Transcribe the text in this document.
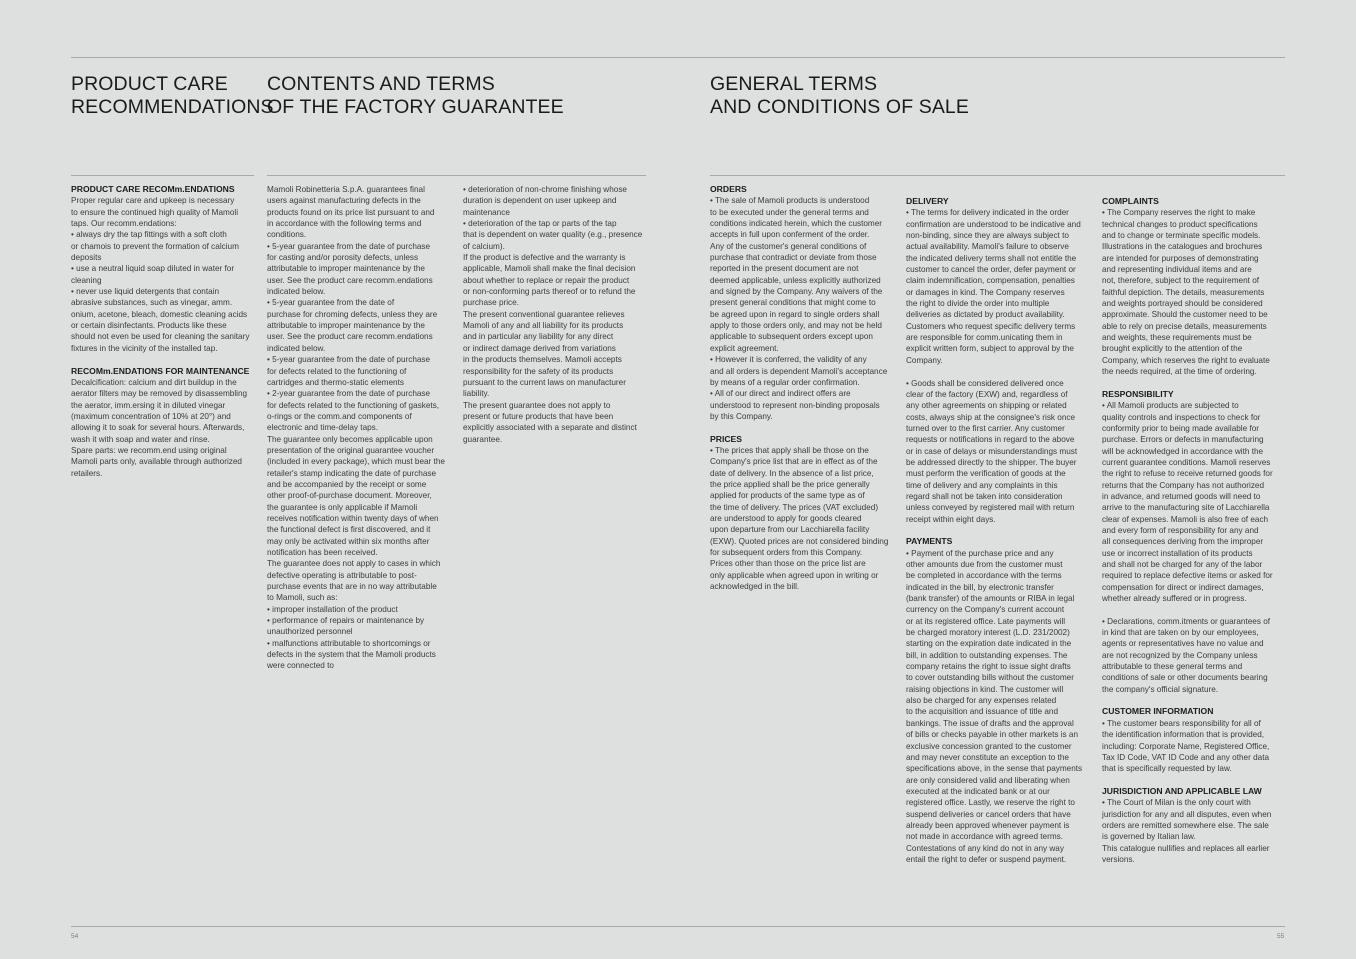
PRODUCT CARE
RECOMMENDATIONS
CONTENTS AND TERMS
OF THE FACTORY GUARANTEE
GENERAL TERMS
AND CONDITIONS OF SALE
PRODUCT CARE RECOMm.ENDATIONS

Proper regular care and upkeep is necessary

to ensure the continued high quality of Mamoli

taps. Our recomm.endations:

• always dry the tap fittings with a soft cloth

or chamois to prevent the formation of calcium

deposits

• use a neutral liquid soap diluted in water for

cleaning

• never use liquid detergents that contain

abrasive substances, such as vinegar, amm.

onium, acetone, bleach, domestic cleaning acids

or certain disinfectants. Products like these

should not even be used for cleaning the sanitary

fixtures in the vicinity of the installed tap.

RECOMm.ENDATIONS FOR MAINTENANCE

Decalcification: calcium and dirt buildup in the

aerator filters may be removed by disassembling

the aerator, imm.ersing it in diluted vinegar

(maximum concentration of 10% at 20°) and

allowing it to soak for several hours. Afterwards,

wash it with soap and water and rinse.

Spare parts: we recomm.end using original

Mamoli parts only, available through authorized

retailers.

Mamoli Robinetteria S.p.A. guarantees final

users against manufacturing defects in the

products found on its price list pursuant to and

in accordance with the following terms and

conditions.

• 5-year guarantee from the date of purchase

for casting and/or porosity defects, unless

attributable to improper maintenance by the

user. See the product care recomm.endations

indicated below.

• 5-year guarantee from the date of

purchase for chroming defects, unless they are

attributable to improper maintenance by the

user. See the product care recomm.endations

indicated below.

• 5-year guarantee from the date of purchase

for defects related to the functioning of

cartridges and thermo-static elements

• 2-year guarantee from the date of purchase

for defects related to the functioning of gaskets,

o-rings or the comm.and components of

electronic and time-delay taps.

The guarantee only becomes applicable upon

presentation of the original guarantee voucher

(included in every package), which must bear the

retailer's stamp indicating the date of purchase

and be accompanied by the receipt or some

other proof-of-purchase document. Moreover,

the guarantee is only applicable if Mamoli

receives notification within twenty days of when

the functional defect is first discovered, and it

may only be activated within six months after

notification has been received.

The guarantee does not apply to cases in which

defective operating is attributable to post-

purchase events that are in no way attributable

to Mamoli, such as:

• improper installation of the product

• performance of repairs or maintenance by

unauthorized personnel

• malfunctions attributable to shortcomings or

defects in the system that the Mamoli products

were connected to

• deterioration of non-chrome finishing whose

duration is dependent on user upkeep and

maintenance

• deterioration of the tap or parts of the tap

that is dependent on water quality (e.g., presence

of calcium).

If the product is defective and the warranty is

applicable, Mamoli shall make the final decision

about whether to replace or repair the product

or non-conforming parts thereof or to refund the

purchase price.

The present conventional guarantee relieves

Mamoli of any and all liability for its products

and in particular any liability for any direct

or indirect damage derived from variations

in the products themselves. Mamoli accepts

responsibility for the safety of its products

pursuant to the current laws on manufacturer

liability.

The present guarantee does not apply to

present or future products that have been

explicitly associated with a separate and distinct

guarantee.

ORDERS

• The sale of Mamoli products is understood

to be executed under the general terms and

conditions indicated herein, which the customer

accepts in full upon conferment of the order.

Any of the customer's general conditions of

purchase that contradict or deviate from those

reported in the present document are not

deemed applicable, unless explicitly authorized

and signed by the Company. Any waivers of the

present general conditions that might come to

be agreed upon in regard to single orders shall

apply to those orders only, and may not be held

applicable to subsequent orders except upon

explicit agreement.

• However it is conferred, the validity of any

and all orders is dependent Mamoli's acceptance

by means of a regular order confirmation.

• All of our direct and indirect offers are

understood to represent non-binding proposals

by this Company.

PRICES

• The prices that apply shall be those on the

Company's price list that are in effect as of the

date of delivery. In the absence of a list price,

the price applied shall be the price generally

applied for products of the same type as of

the time of delivery. The prices (VAT excluded)

are understood to apply for goods cleared

upon departure from our Lacchiarella facility

(EXW). Quoted prices are not considered binding

for subsequent orders from this Company.

Prices other than those on the price list are

only applicable when agreed upon in writing or

acknowledged in the bill.

DELIVERY

• The terms for delivery indicated in the order

confirmation are understood to be indicative and

non-binding, since they are always subject to

actual availability. Mamoli's failure to observe

the indicated delivery terms shall not entitle the

customer to cancel the order, defer payment or

claim indemnification, compensation, penalties

or damages in kind. The Company reserves

the right to divide the order into multiple

deliveries as dictated by product availability.

Customers who request specific delivery terms

are responsible for comm.unicating them in

explicit written form, subject to approval by the

Company.

• Goods shall be considered delivered once

clear of the factory (EXW) and, regardless of

any other agreements on shipping or related

costs, always ship at the consignee's risk once

turned over to the first carrier. Any customer

requests or notifications in regard to the above

or in case of delays or misunderstandings must

be addressed directly to the shipper. The buyer

must perform the verification of goods at the

time of delivery and any complaints in this

regard shall not be taken into consideration

unless conveyed by registered mail with return

receipt within eight days.

PAYMENTS

• Payment of the purchase price and any

other amounts due from the customer must

be completed in accordance with the terms

indicated in the bill, by electronic transfer

(bank transfer) of the amounts or RIBA in legal

currency on the Company's current account

or at its registered office. Late payments will

be charged moratory interest (L.D. 231/2002)

starting on the expiration date indicated in the

bill, in addition to outstanding expenses. The

company retains the right to issue sight drafts

to cover outstanding bills without the customer

raising objections in kind. The customer will

also be charged for any expenses related

to the acquisition and issuance of title and

bankings. The issue of drafts and the approval

of bills or checks payable in other markets is an

exclusive concession granted to the customer

and may never constitute an exception to the

specifications above, in the sense that payments

are only considered valid and liberating when

executed at the indicated bank or at our

registered office. Lastly, we reserve the right to

suspend deliveries or cancel orders that have

already been approved whenever payment is

not made in accordance with agreed terms.

Contestations of any kind do not in any way

entail the right to defer or suspend payment.

COMPLAINTS

• The Company reserves the right to make

technical changes to product specifications

and to change or terminate specific models.

Illustrations in the catalogues and brochures

are intended for purposes of demonstrating

and representing individual items and are

not, therefore, subject to the requirement of

faithful depiction. The details, measurements

and weights portrayed should be considered

approximate. Should the customer need to be

able to rely on precise details, measurements

and weights, these requirements must be

brought explicitly to the attention of the

Company, which reserves the right to evaluate

the needs required, at the time of ordering.

RESPONSIBILITY

• All Mamoli products are subjected to

quality controls and inspections to check for

conformity prior to being made available for

purchase. Errors or defects in manufacturing

will be acknowledged in accordance with the

current guarantee conditions. Mamoli reserves

the right to refuse to receive returned goods for

returns that the Company has not authorized

in advance, and returned goods will need to

arrive to the manufacturing site of Lacchiarella

clear of expenses. Mamoli is also free of each

and every form of responsibility for any and

all consequences deriving from the improper

use or incorrect installation of its products

and shall not be charged for any of the labor

required to replace defective items or asked for

compensation for direct or indirect damages,

whether already suffered or in progress.

• Declarations, comm.itments or guarantees of

in kind that are taken on by our employees,

agents or representatives have no value and

are not recognized by the Company unless

attributable to these general terms and

conditions of sale or other documents bearing

the company's official signature.

CUSTOMER INFORMATION

• The customer bears responsibility for all of

the identification information that is provided,

including: Corporate Name, Registered Office,

Tax ID Code, VAT ID Code and any other data

that is specifically requested by law.

JURISDICTION AND APPLICABLE LAW

• The Court of Milan is the only court with

jurisdiction for any and all disputes, even when

orders are remitted somewhere else. The sale

is governed by Italian law.

This catalogue nullifies and replaces all earlier

versions.

54	55
